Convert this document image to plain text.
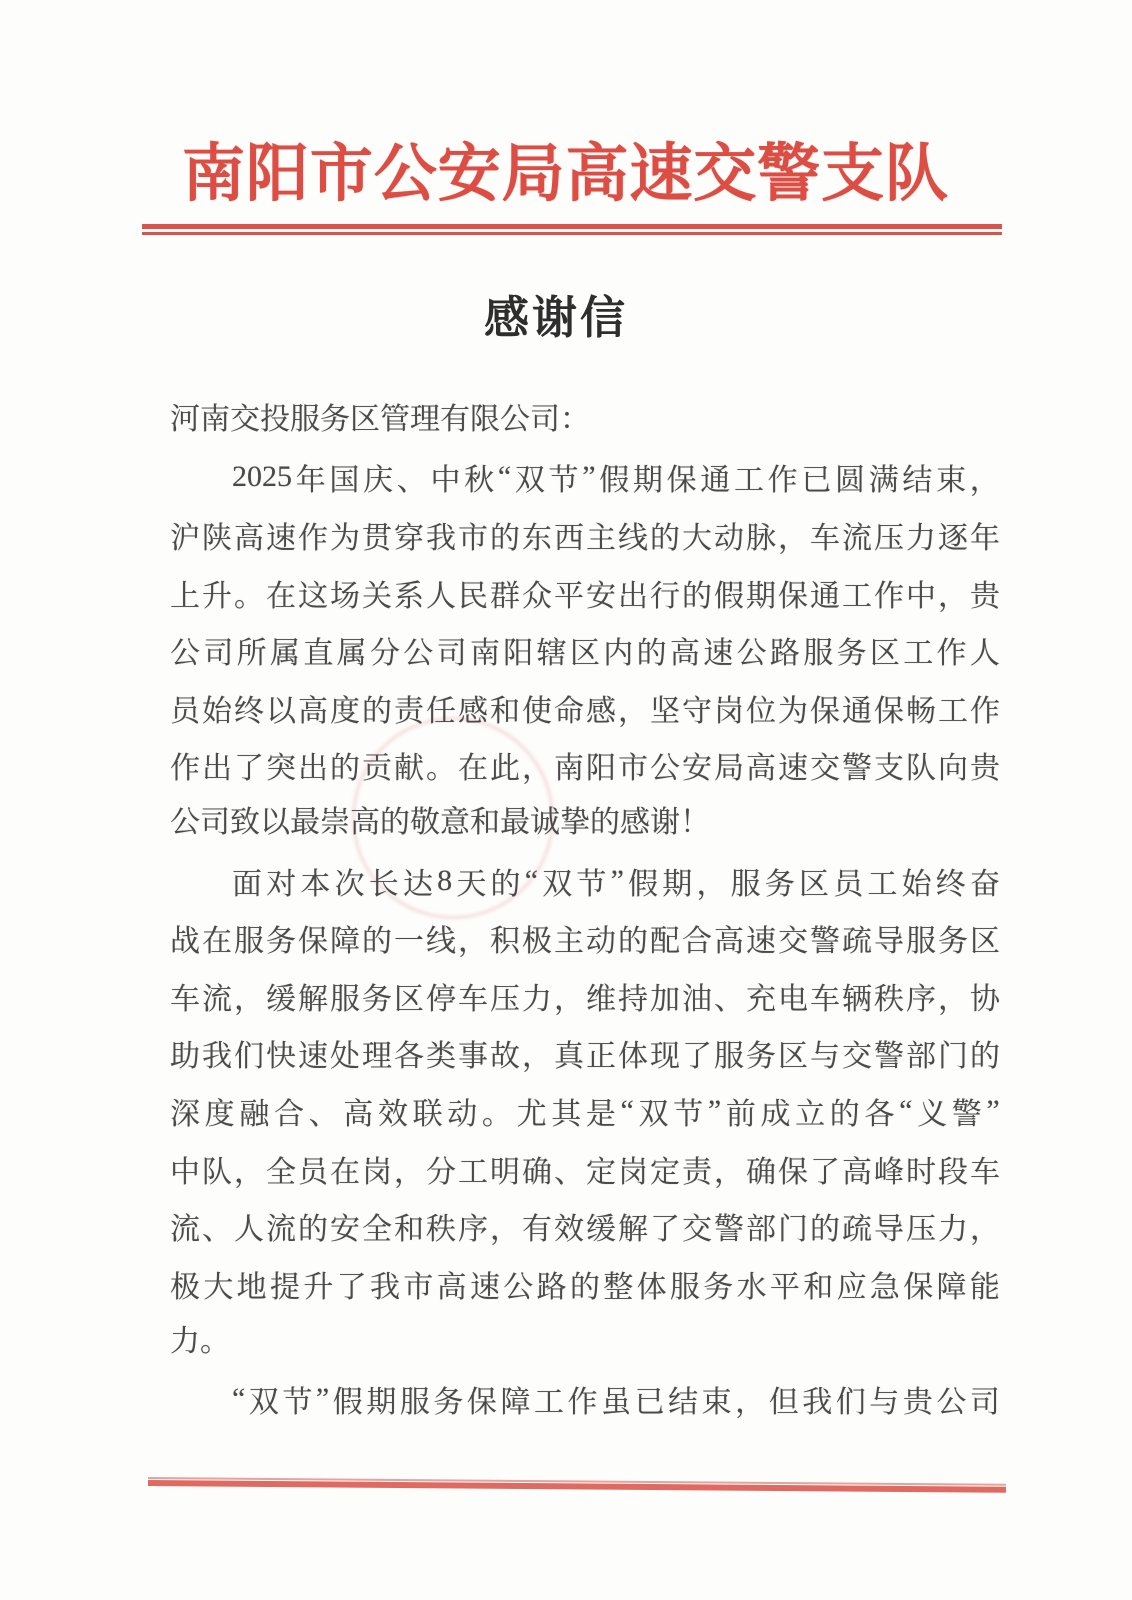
南 阳 市 公 安 局 高 速 交 警 支 队
感谢信
河南交投服务区管理有限公司：
2025 年 国 庆 、 中 秋 “ 双 节 ” 假 期 保 通 工 作 已 圆 满 结 束 ，
沪 陕 高 速 作 为 贯 穿 我 市 的 东 西 主 线 的 大 动 脉 ， 车 流 压 力 逐 年
上 升 。 在 这 场 关 系 人 民 群 众 平 安 出 行 的 假 期 保 通 工 作 中 ， 贵
公 司 所 属 直 属 分 公 司 南 阳 辖 区 内 的 高 速 公 路 服 务 区 工 作 人
员 始 终 以 高 度 的 责 任 感 和 使 命 感 ， 坚 守 岗 位 为 保 通 保 畅 工 作
作 出 了 突 出 的 贡 献 。 在 此 ， 南 阳 市 公 安 局 高 速 交 警 支 队 向 贵
公司致以最崇高的敬意和最诚挚的感谢！
面 对 本 次 长 达 8 天 的 “ 双 节 ” 假 期 ， 服 务 区 员 工 始 终 奋
战 在 服 务 保 障 的 一 线 ， 积 极 主 动 的 配 合 高 速 交 警 疏 导 服 务 区
车 流 ， 缓 解 服 务 区 停 车 压 力 ， 维 持 加 油 、 充 电 车 辆 秩 序 ， 协
助 我 们 快 速 处 理 各 类 事 故 ， 真 正 体 现 了 服 务 区 与 交 警 部 门 的
深 度 融 合 、 高 效 联 动 。 尤 其 是 “ 双 节 ” 前 成 立 的 各 “ 义 警 ”
中 队 ， 全 员 在 岗 ， 分 工 明 确 、 定 岗 定 责 ， 确 保 了 高 峰 时 段 车
流 、 人 流 的 安 全 和 秩 序 ， 有 效 缓 解 了 交 警 部 门 的 疏 导 压 力 ，
极 大 地 提 升 了 我 市 高 速 公 路 的 整 体 服 务 水 平 和 应 急 保 障 能
力。
“ 双 节 ” 假 期 服 务 保 障 工 作 虽 已 结 束 ， 但 我 们 与 贵 公 司
